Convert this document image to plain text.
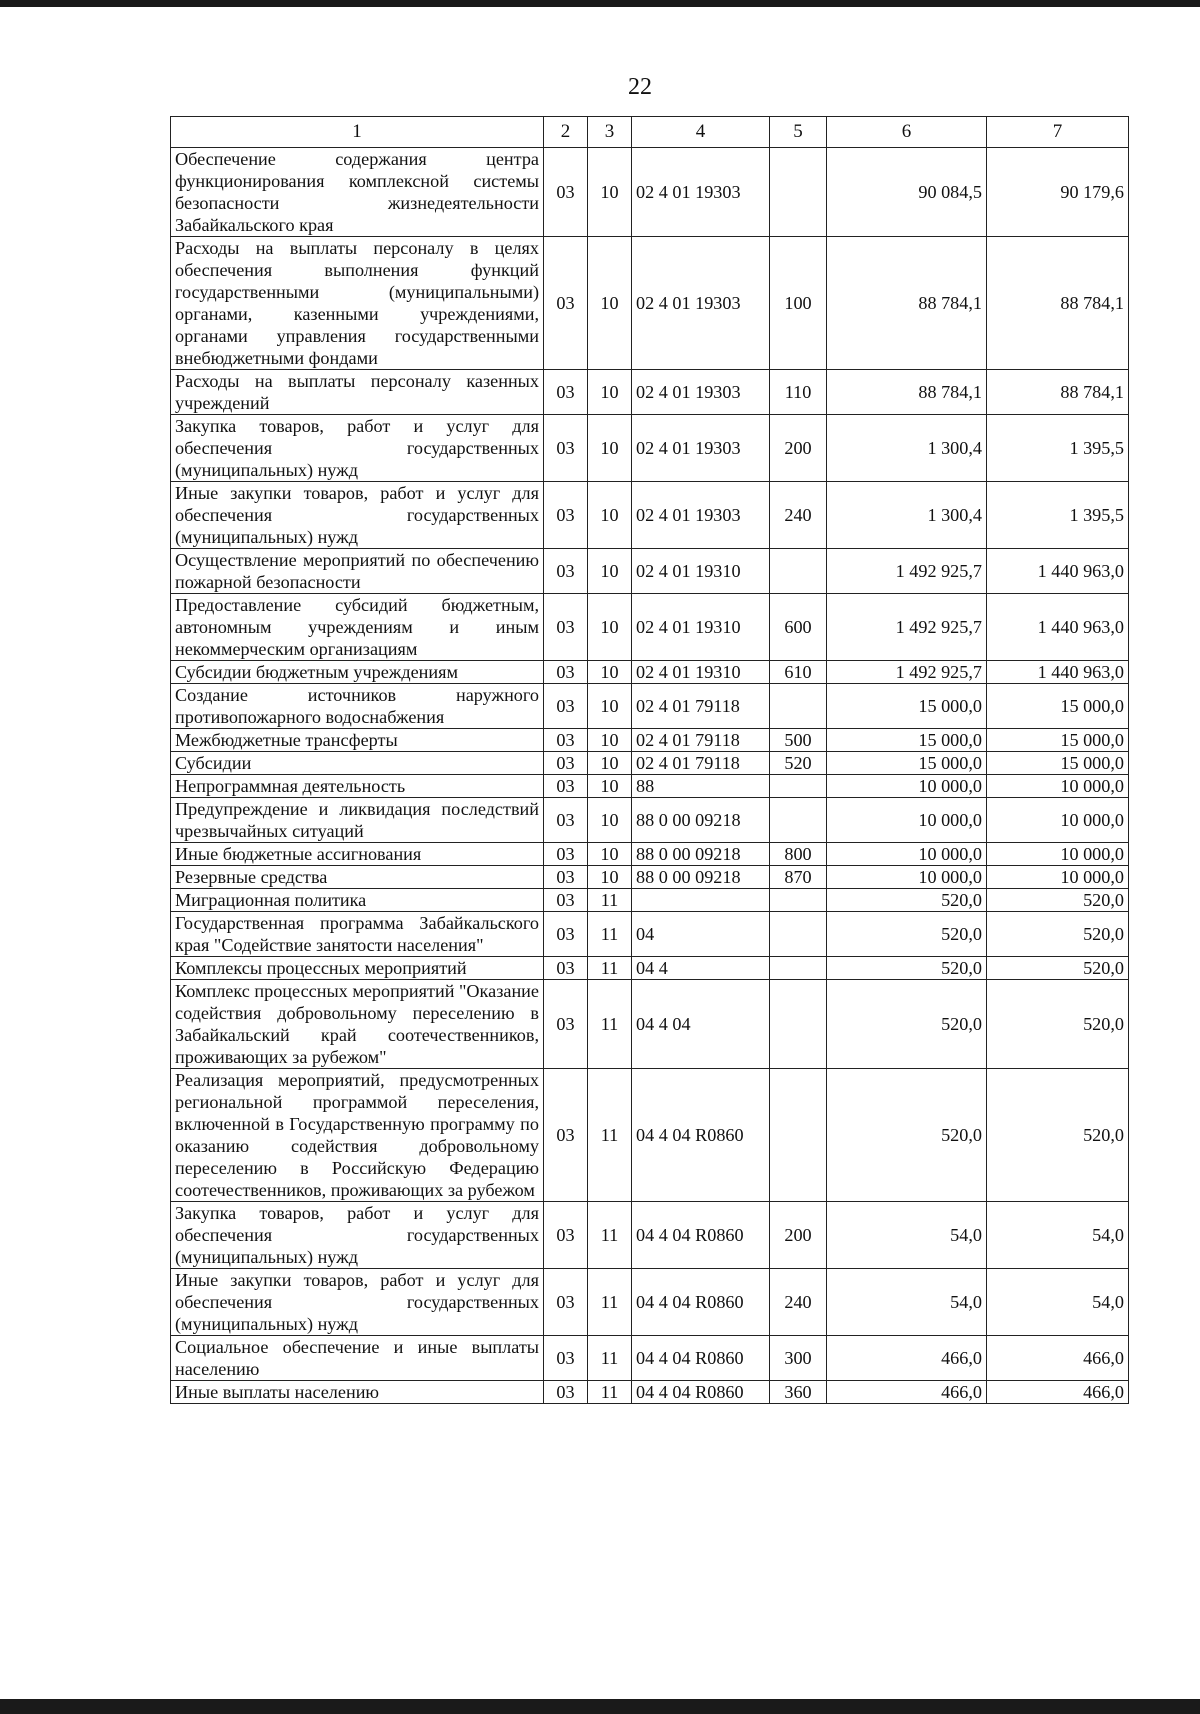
22
1	2	3	4	5	6	7
Обеспечение содержания центра функционирования комплексной системы безопасности жизнедеятельности Забайкальского края	03	10	02 4 01 19303		90 084,5	90 179,6
Расходы на выплаты персоналу в целях обеспечения выполнения функций государственными (муниципальными) органами, казенными учреждениями, органами управления государственными внебюджетными фондами	03	10	02 4 01 19303	100	88 784,1	88 784,1
Расходы на выплаты персоналу казенных учреждений	03	10	02 4 01 19303	110	88 784,1	88 784,1
Закупка товаров, работ и услуг для обеспечения государственных (муниципальных) нужд	03	10	02 4 01 19303	200	1 300,4	1 395,5
Иные закупки товаров, работ и услуг для обеспечения государственных (муниципальных) нужд	03	10	02 4 01 19303	240	1 300,4	1 395,5
Осуществление мероприятий по обеспечению пожарной безопасности	03	10	02 4 01 19310		1 492 925,7	1 440 963,0
Предоставление субсидий бюджетным, автономным учреждениям и иным некоммерческим организациям	03	10	02 4 01 19310	600	1 492 925,7	1 440 963,0
Субсидии бюджетным учреждениям	03	10	02 4 01 19310	610	1 492 925,7	1 440 963,0
Создание источников наружного противопожарного водоснабжения	03	10	02 4 01 79118		15 000,0	15 000,0
Межбюджетные трансферты	03	10	02 4 01 79118	500	15 000,0	15 000,0
Субсидии	03	10	02 4 01 79118	520	15 000,0	15 000,0
Непрограммная деятельность	03	10	88		10 000,0	10 000,0
Предупреждение и ликвидация последствий чрезвычайных ситуаций	03	10	88 0 00 09218		10 000,0	10 000,0
Иные бюджетные ассигнования	03	10	88 0 00 09218	800	10 000,0	10 000,0
Резервные средства	03	10	88 0 00 09218	870	10 000,0	10 000,0
Миграционная политика	03	11			520,0	520,0
Государственная программа Забайкальского края "Содействие занятости населения"	03	11	04		520,0	520,0
Комплексы процессных мероприятий	03	11	04 4		520,0	520,0
Комплекс процессных мероприятий "Оказание содействия добровольному переселению в Забайкальский край соотечественников, проживающих за рубежом"	03	11	04 4 04		520,0	520,0
Реализация мероприятий, предусмотренных региональной программой переселения, включенной в Государственную программу по оказанию содействия добровольному переселению в Российскую Федерацию соотечественников, проживающих за рубежом	03	11	04 4 04 R0860		520,0	520,0
Закупка товаров, работ и услуг для обеспечения государственных (муниципальных) нужд	03	11	04 4 04 R0860	200	54,0	54,0
Иные закупки товаров, работ и услуг для обеспечения государственных (муниципальных) нужд	03	11	04 4 04 R0860	240	54,0	54,0
Социальное обеспечение и иные выплаты населению	03	11	04 4 04 R0860	300	466,0	466,0
Иные выплаты населению	03	11	04 4 04 R0860	360	466,0	466,0
